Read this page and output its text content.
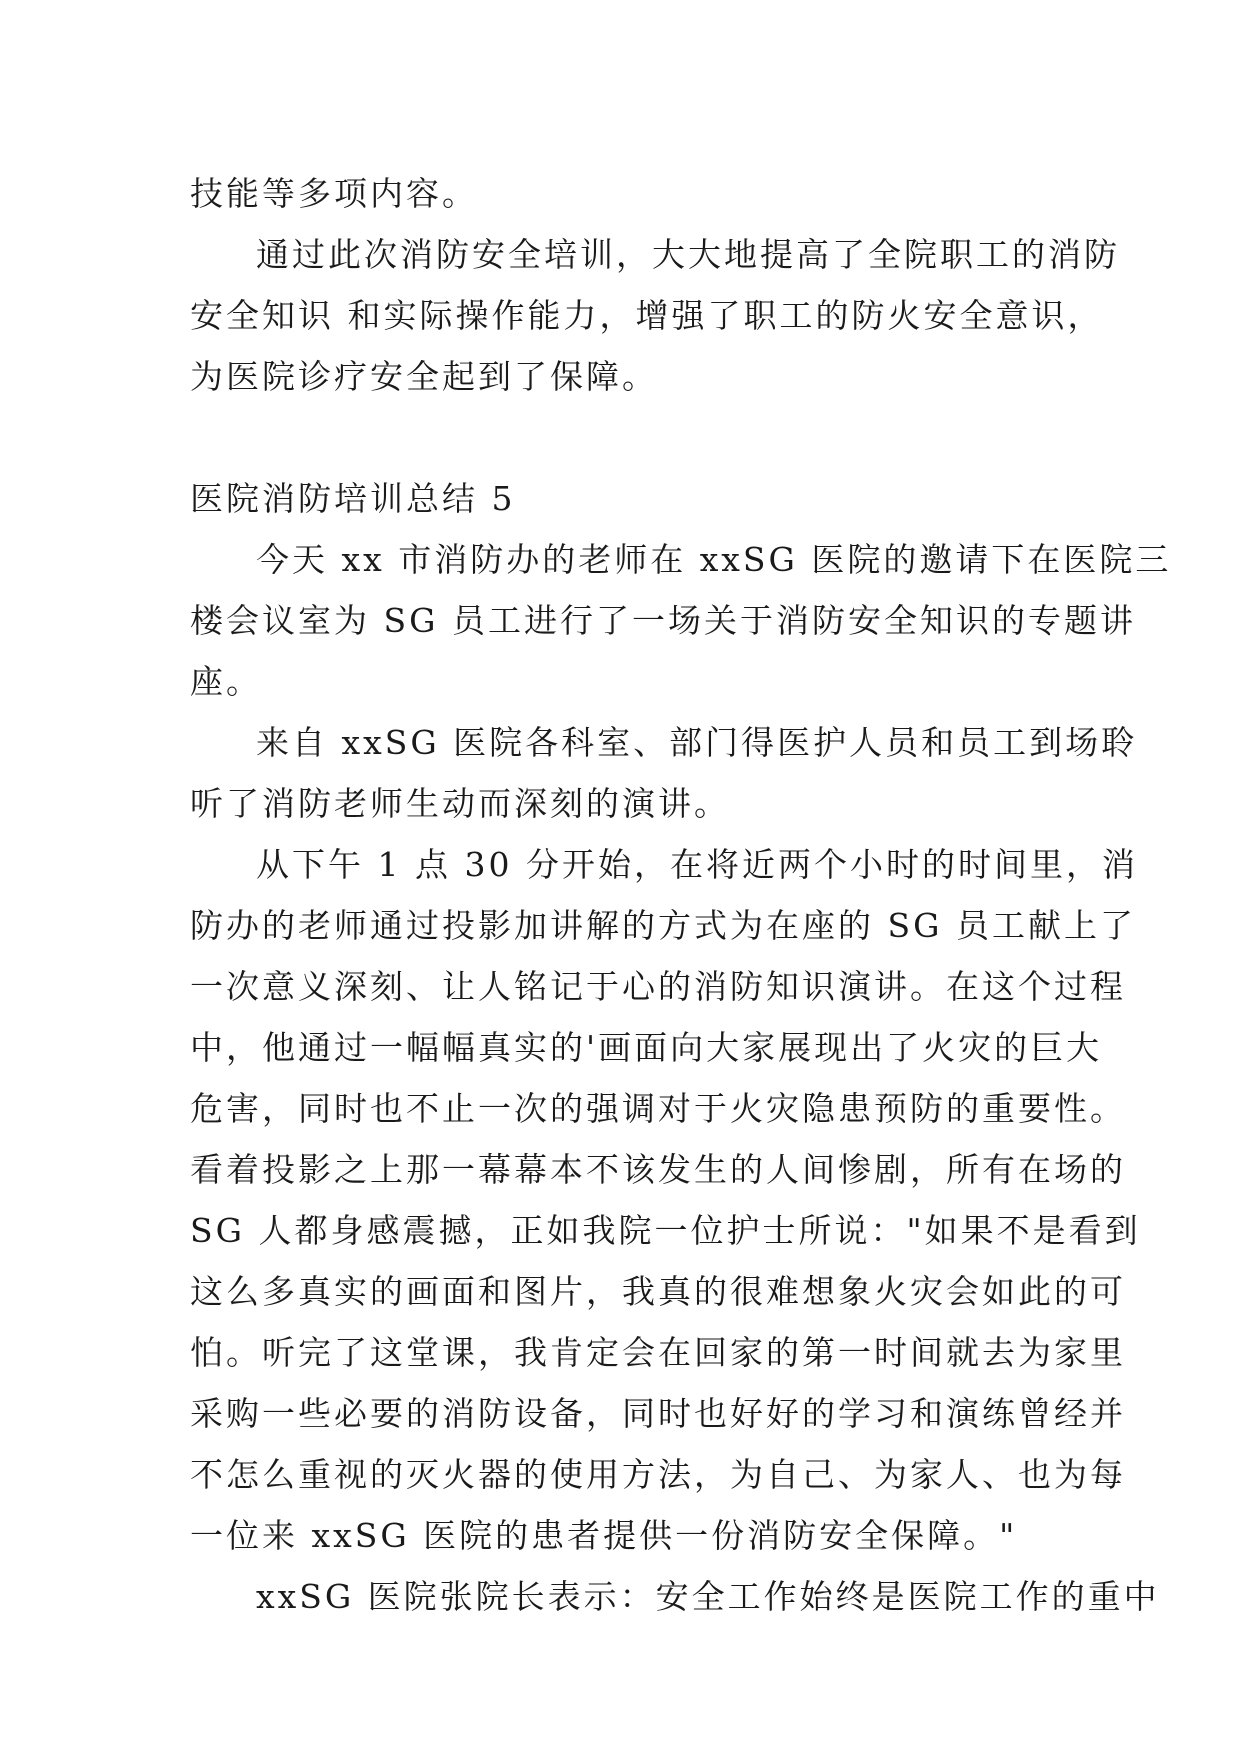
技能等多项内容。
通过此次消防安全培训，大大地提高了全院职工的消防
安全知识 和实际操作能力，增强了职工的防火安全意识，
为医院诊疗安全起到了保障。
医院消防培训总结 5
今天 xx 市消防办的老师在 xxSG 医院的邀请下在医院三
楼会议室为 SG 员工进行了一场关于消防安全知识的专题讲
座。
来自 xxSG 医院各科室、部门得医护人员和员工到场聆
听了消防老师生动而深刻的演讲。
从下午 1 点 30 分开始，在将近两个小时的时间里，消
防办的老师通过投影加讲解的方式为在座的 SG 员工献上了
一次意义深刻、让人铭记于心的消防知识演讲。在这个过程
中，他通过一幅幅真实的'画面向大家展现出了火灾的巨大
危害，同时也不止一次的强调对于火灾隐患预防的重要性。
看着投影之上那一幕幕本不该发生的人间惨剧，所有在场的
SG 人都身感震撼，正如我院一位护士所说："如果不是看到
这么多真实的画面和图片，我真的很难想象火灾会如此的可
怕。听完了这堂课，我肯定会在回家的第一时间就去为家里
采购一些必要的消防设备，同时也好好的学习和演练曾经并
不怎么重视的灭火器的使用方法，为自己、为家人、也为每
一位来 xxSG 医院的患者提供一份消防安全保障。"
xxSG 医院张院长表示：安全工作始终是医院工作的重中
